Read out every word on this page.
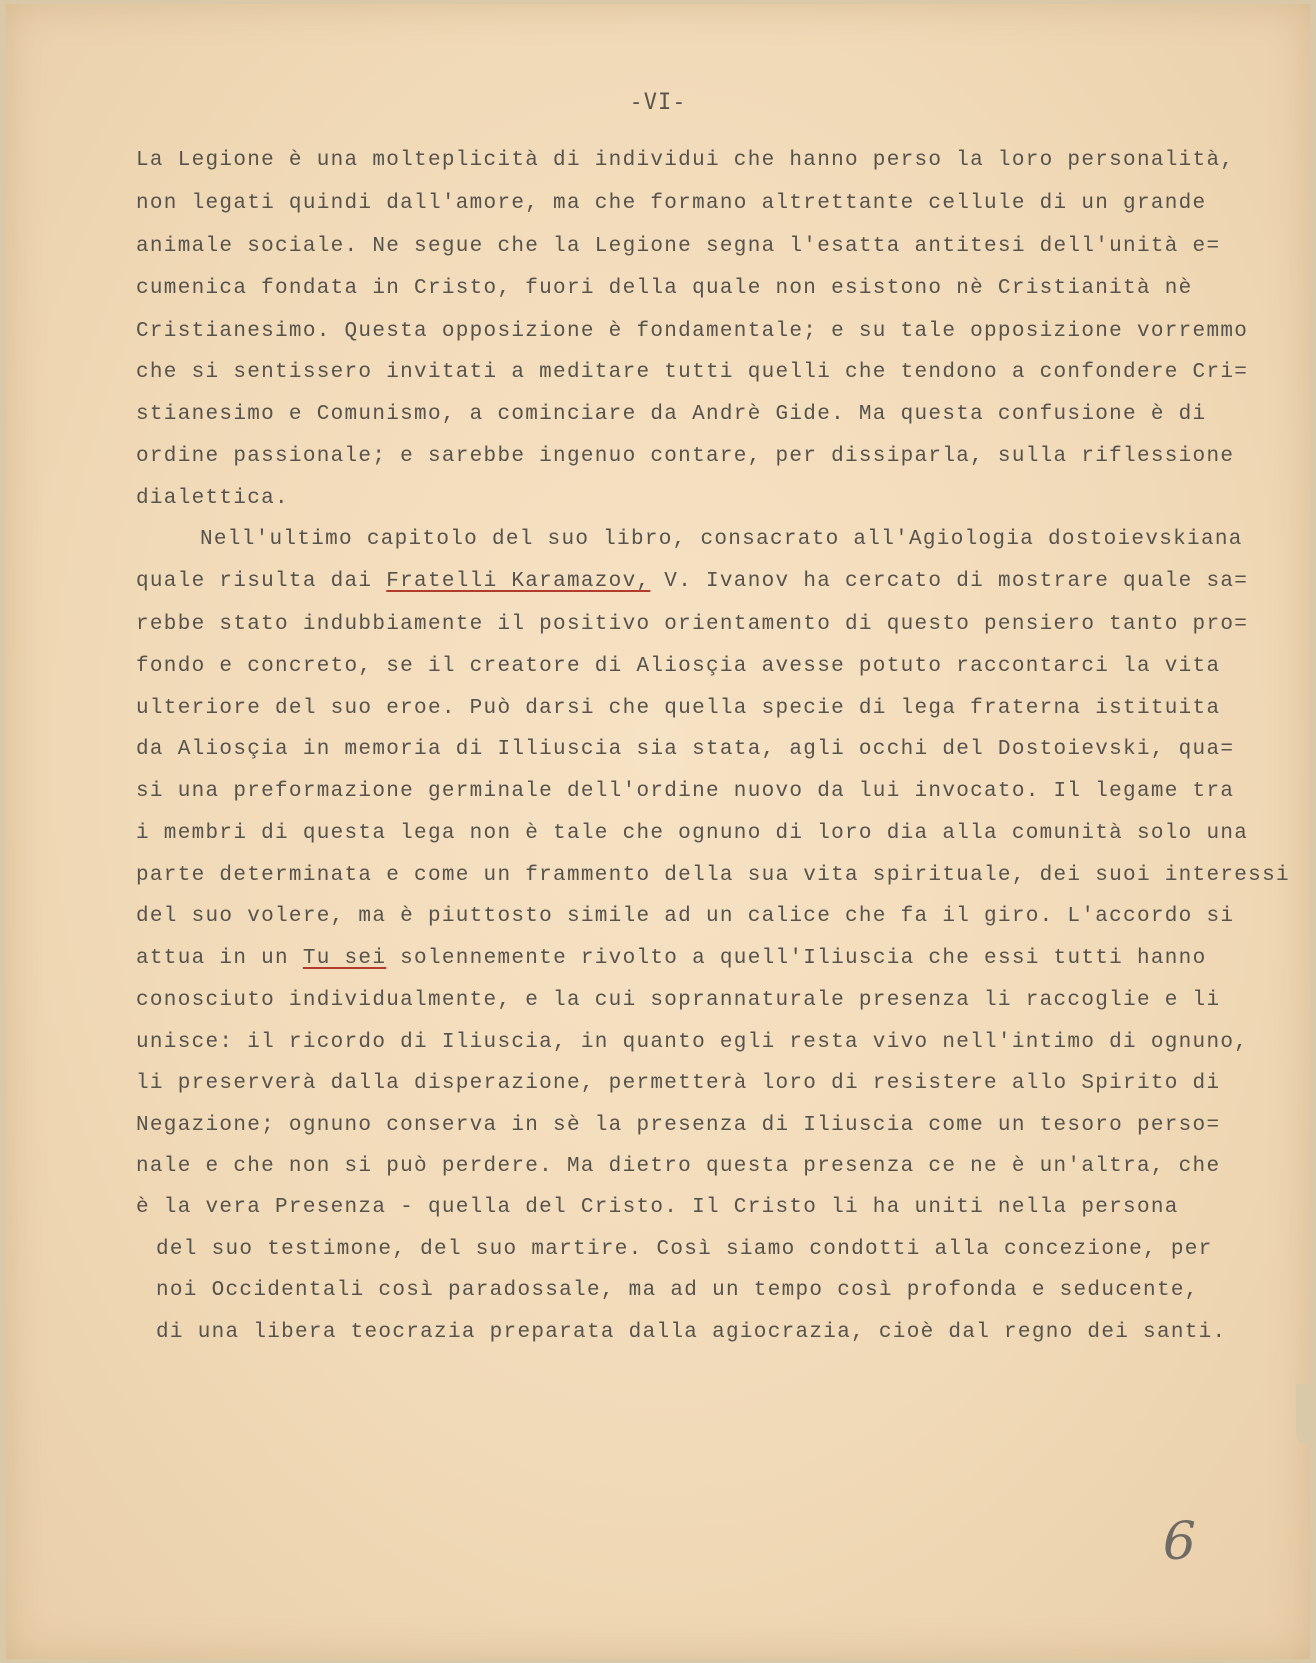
-VI-
La Legione è una molteplicità di individui che hanno perso la loro personalità,
non legati quindi dall'amore, ma che formano altrettante cellule di un grande
animale sociale. Ne segue che la Legione segna l'esatta antitesi dell'unità e=
cumenica fondata in Cristo, fuori della quale non esistono nè Cristianità nè
Cristianesimo. Questa opposizione è fondamentale; e su tale opposizione vorremmo
che si sentissero invitati a meditare tutti quelli che tendono a confondere Cri=
stianesimo e Comunismo, a cominciare da Andrè Gide. Ma questa confusione è di
ordine passionale; e sarebbe ingenuo contare, per dissiparla, sulla riflessione
dialettica.
Nell'ultimo capitolo del suo libro, consacrato all'Agiologia dostoievskiana
quale risulta dai Fratelli Karamazov, V. Ivanov ha cercato di mostrare quale sa=
rebbe stato indubbiamente il positivo orientamento di questo pensiero tanto pro=
fondo e concreto, se il creatore di Aliosçia avesse potuto raccontarci la vita
ulteriore del suo eroe. Può darsi che quella specie di lega fraterna istituita
da Aliosçia in memoria di Illiuscia sia stata, agli occhi del Dostoievski, qua=
si una preformazione germinale dell'ordine nuovo da lui invocato. Il legame tra
i membri di questa lega non è tale che ognuno di loro dia alla comunità solo una
parte determinata e come un frammento della sua vita spirituale, dei suoi interessi
del suo volere, ma è piuttosto simile ad un calice che fa il giro. L'accordo si
attua in un Tu sei solennemente rivolto a quell'Iliuscia che essi tutti hanno
conosciuto individualmente, e la cui soprannaturale presenza li raccoglie e li
unisce: il ricordo di Iliuscia, in quanto egli resta vivo nell'intimo di ognuno,
li preserverà dalla disperazione, permetterà loro di resistere allo Spirito di
Negazione; ognuno conserva in sè la presenza di Iliuscia come un tesoro perso=
nale e che non si può perdere. Ma dietro questa presenza ce ne è un'altra, che
è la vera Presenza - quella del Cristo. Il Cristo li ha uniti nella persona
del suo testimone, del suo martire. Così siamo condotti alla concezione, per
noi Occidentali così paradossale, ma ad un tempo così profonda e seducente,
di una libera teocrazia preparata dalla agiocrazia, cioè dal regno dei santi.
6
